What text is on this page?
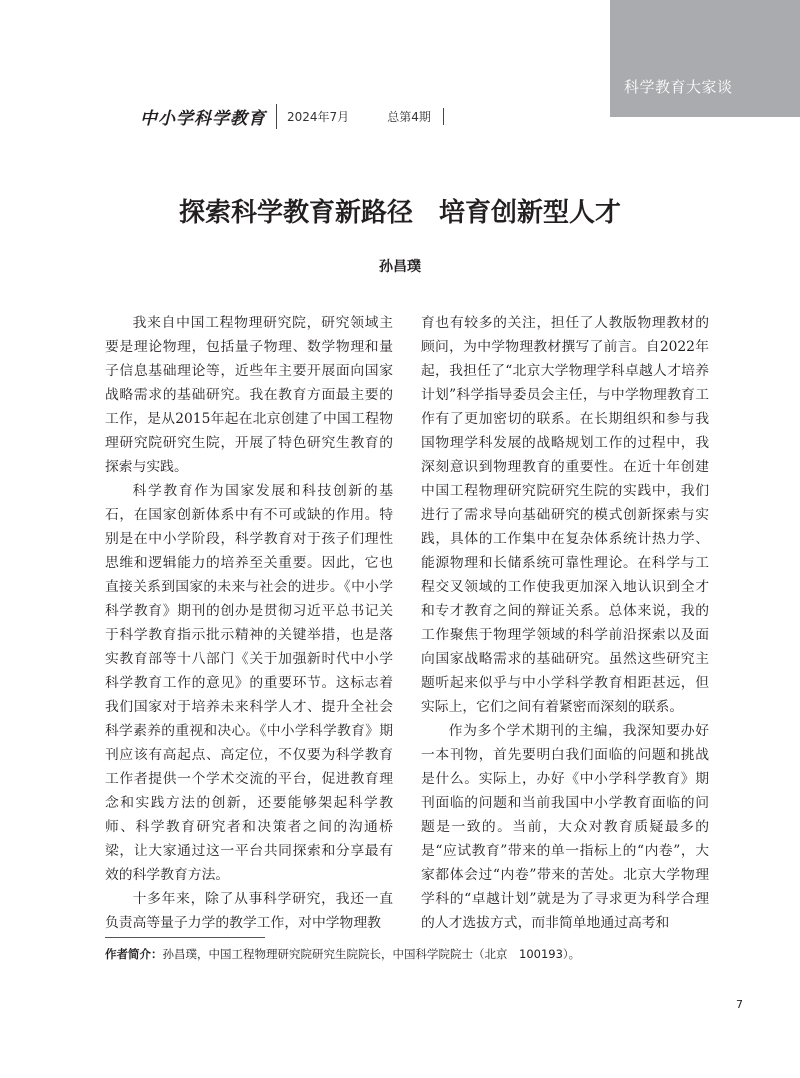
科学教育大家谈
中小学科学教育	2024年7月	总第4期
探索科学教育新路径　培育创新型人才
孙昌璞

我来自中国工程物理研究院，研究领域主要是理论物理，包括量子物理、数学物理和量子信息基础理论等，近些年主要开展面向国家战略需求的基础研究。我在教育方面最主要的工作，是从2015年起在北京创建了中国工程物理研究院研究生院，开展了特色研究生教育的探索与实践。

科学教育作为国家发展和科技创新的基石，在国家创新体系中有不可或缺的作用。特别是在中小学阶段，科学教育对于孩子们理性思维和逻辑能力的培养至关重要。因此，它也直接关系到国家的未来与社会的进步。《中小学科学教育》期刊的创办是贯彻习近平总书记关于科学教育指示批示精神的关键举措，也是落实教育部等十八部门《关于加强新时代中小学科学教育工作的意见》的重要环节。这标志着我们国家对于培养未来科学人才、提升全社会科学素养的重视和决心。《中小学科学教育》期刊应该有高起点、高定位，不仅要为科学教育工作者提供一个学术交流的平台，促进教育理念和实践方法的创新，还要能够架起科学教师、科学教育研究者和决策者之间的沟通桥梁，让大家通过这一平台共同探索和分享最有效的科学教育方法。

十多年来，除了从事科学研究，我还一直负责高等量子力学的教学工作，对中学物理教

育也有较多的关注，担任了人教版物理教材的顾问，为中学物理教材撰写了前言。自2022年起，我担任了“北京大学物理学科卓越人才培养计划”科学指导委员会主任，与中学物理教育工作有了更加密切的联系。在长期组织和参与我国物理学科发展的战略规划工作的过程中，我深刻意识到物理教育的重要性。在近十年创建中国工程物理研究院研究生院的实践中，我们进行了需求导向基础研究的模式创新探索与实践，具体的工作集中在复杂体系统计热力学、能源物理和长储系统可靠性理论。在科学与工程交叉领域的工作使我更加深入地认识到全才和专才教育之间的辩证关系。总体来说，我的工作聚焦于物理学领域的科学前沿探索以及面向国家战略需求的基础研究。虽然这些研究主题听起来似乎与中小学科学教育相距甚远，但实际上，它们之间有着紧密而深刻的联系。

作为多个学术期刊的主编，我深知要办好一本刊物，首先要明白我们面临的问题和挑战是什么。实际上，办好《中小学科学教育》期刊面临的问题和当前我国中小学教育面临的问题是一致的。当前，大众对教育质疑最多的是“应试教育”带来的单一指标上的“内卷”，大家都体会过“内卷”带来的苦处。北京大学物理学科的“卓越计划”就是为了寻求更为科学合理的人才选拔方式，而非简单地通过高考和

作者简介：孙昌璞，中国工程物理研究院研究生院院长，中国科学院院士（北京　100193）。
7
